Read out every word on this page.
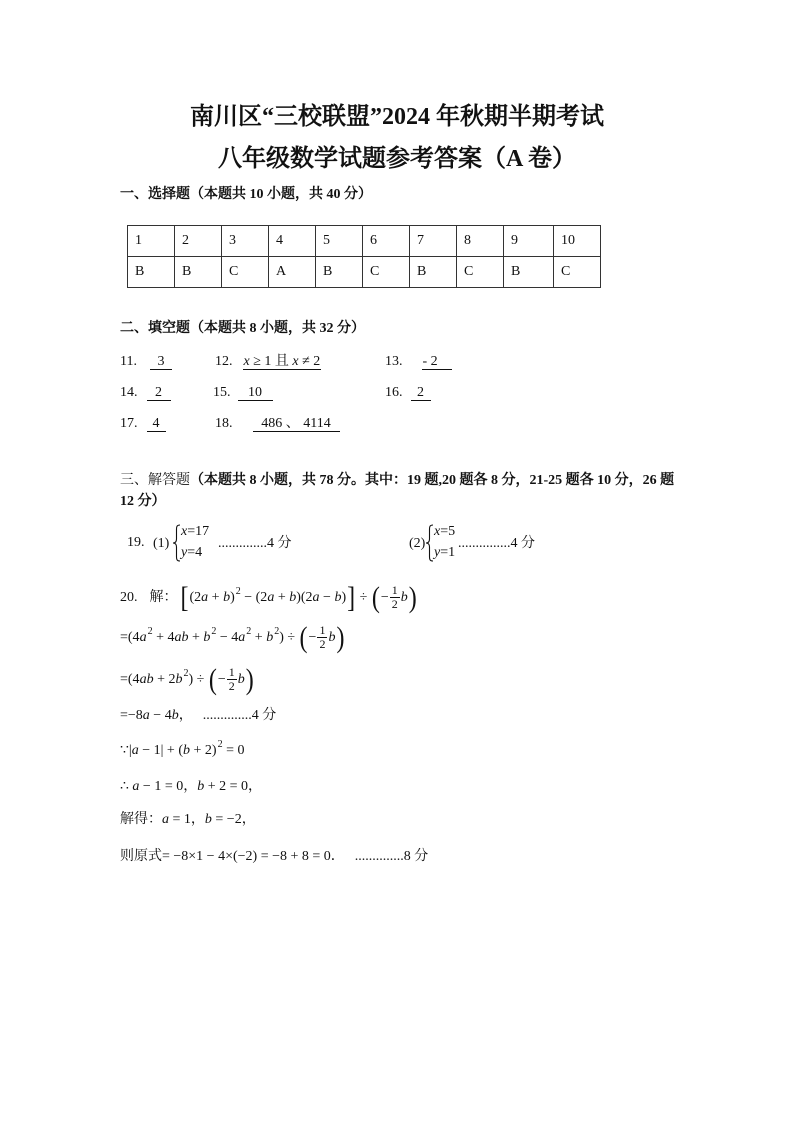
南川区“三校联盟”2024 年秋期半期考试
八年级数学试题参考答案（A 卷）
一、选择题（本题共 10 小题，共 40 分）
1	2	3	4	5	6	7	8	9	10
B	B	C	A	B	C	B	C	B	C
二、填空题（本题共 8 小题，共 32 分）
11. 3	12. x ≥ 1 且 x ≠ 2	13. - 2
14. 2	15. 10	16. 2
17. 4	18. 486 、 4114
三、解答题（本题共 8 小题，共 78 分。其中：19 题,20 题各 8 分，21-25 题各 10 分，26 题 12 分）
19. (1)
x=17
y=4
..............4 分	(2)
x=5
y=1
...............4 分
20. 解： $[(2a + b)^2 - (2a + b)(2a - b)]$ ÷ (− $\frac{1}{2} b$)
$=(4a^2 + 4ab + b^2 - 4a^2 + b^2)$ ÷ (− $\frac{1}{2} b$)
$=(4ab + 2b^2)$ ÷ (− $\frac{1}{2} b$)
=−8a − 4b， ..............4 分
∵|a − $1| + (b + 2)^2 = 0$
∴ a − 1 = 0，b + 2 = 0，
解得：a = 1，b = −2，
则原式= −8×1 − 4×(−2) = −8 + 8 = 0． ..............8 分
